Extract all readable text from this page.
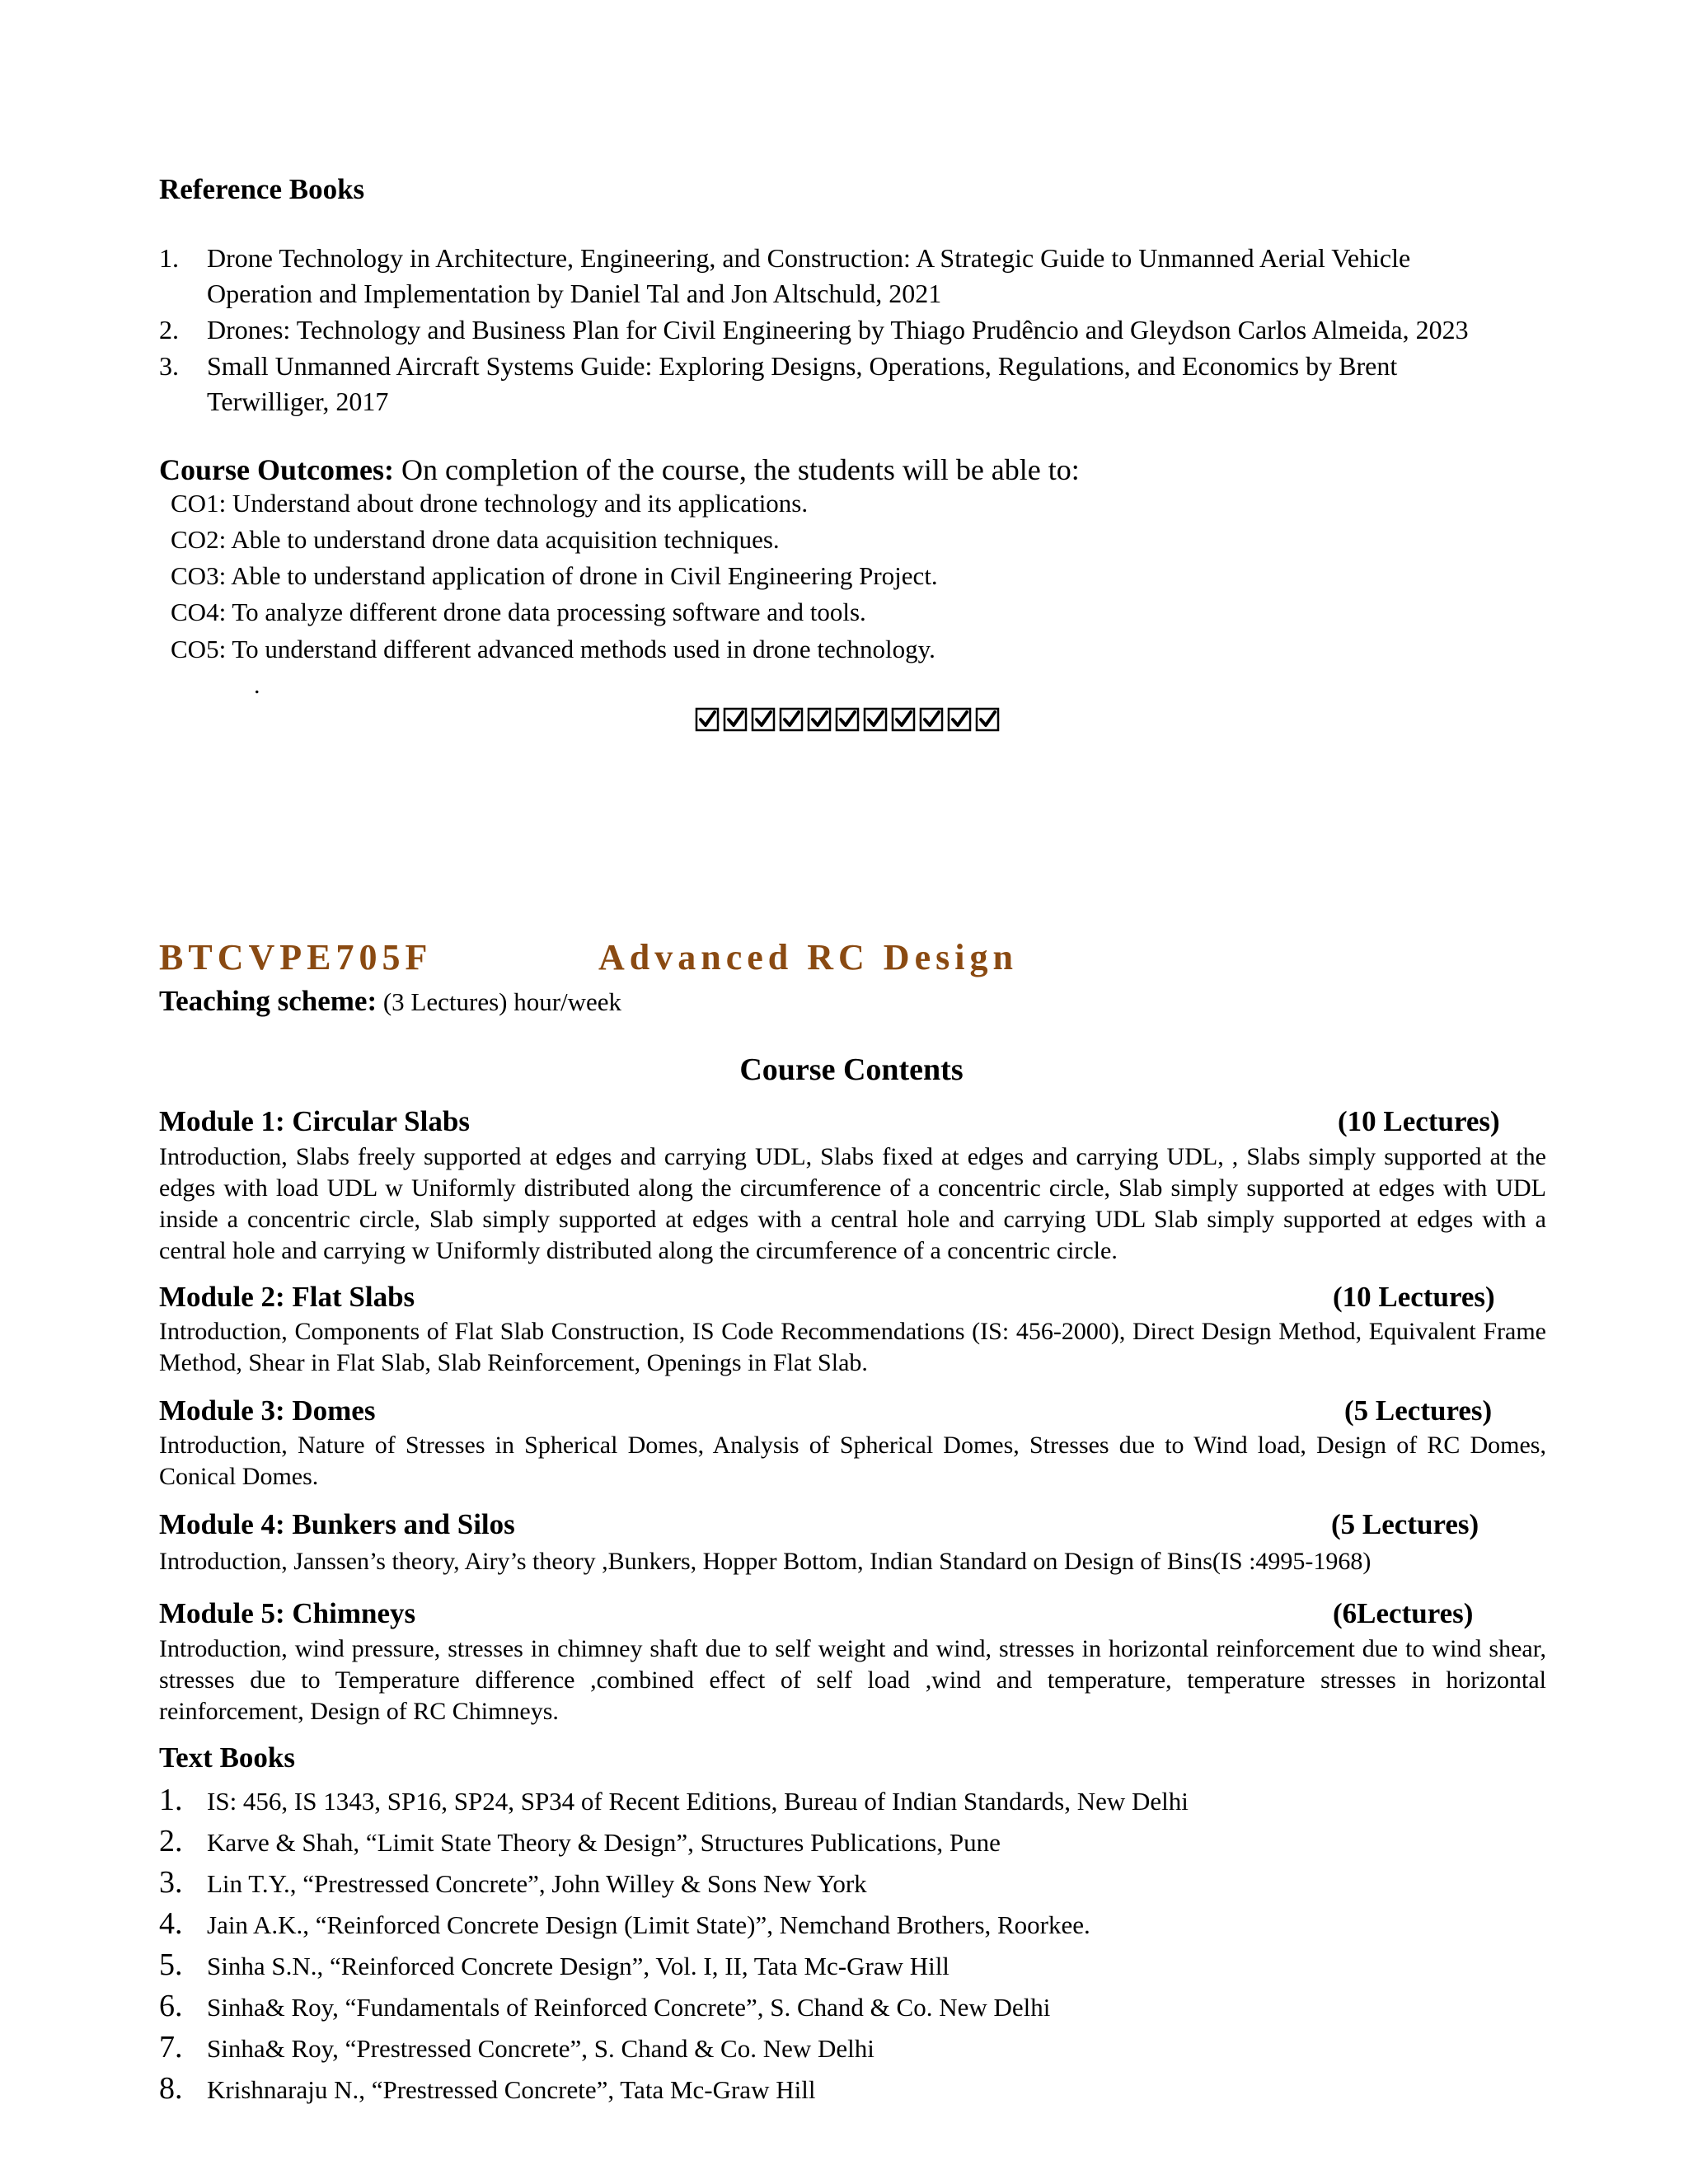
Reference Books
1. Drone Technology in Architecture, Engineering, and Construction: A Strategic Guide to Unmanned Aerial Vehicle
Operation and Implementation by Daniel Tal and Jon Altschuld, 2021
2. Drones: Technology and Business Plan for Civil Engineering by Thiago Prudêncio and Gleydson Carlos Almeida, 2023
3. Small Unmanned Aircraft Systems Guide: Exploring Designs, Operations, Regulations, and Economics by Brent
Terwilliger, 2017
Course Outcomes: On completion of the course, the students will be able to:
CO1: Understand about drone technology and its applications.
CO2: Able to understand drone data acquisition techniques.
CO3: Able to understand application of drone in Civil Engineering Project.
CO4: To analyze different drone data processing software and tools.
CO5: To understand different advanced methods used in drone technology.
.
BTCVPE705F	Advanced RC Design
Teaching scheme: (3 Lectures) hour/week
Course Contents
Module 1: Circular Slabs	(10 Lectures)
Introduction, Slabs freely supported at edges and carrying UDL, Slabs fixed at edges and carrying UDL, , Slabs simply supported at the edges with load UDL w Uniformly distributed along the circumference of a concentric circle, Slab simply supported at edges with UDL inside a concentric circle, Slab simply supported at edges with a central hole and carrying UDL Slab simply supported at edges with a central hole and carrying w Uniformly distributed along the circumference of a concentric circle.
Module 2: Flat Slabs	(10 Lectures)
Introduction, Components of Flat Slab Construction, IS Code Recommendations (IS: 456-2000), Direct Design Method, Equivalent Frame Method, Shear in Flat Slab, Slab Reinforcement, Openings in Flat Slab.
Module 3: Domes	(5 Lectures)
Introduction, Nature of Stresses in Spherical Domes, Analysis of Spherical Domes, Stresses due to Wind load, Design of RC Domes, Conical Domes.
Module 4: Bunkers and Silos	(5 Lectures)
Introduction, Janssen’s theory, Airy’s theory ,Bunkers, Hopper Bottom, Indian Standard on Design of Bins(IS :4995-1968)
Module 5: Chimneys	(6Lectures)
Introduction, wind pressure, stresses in chimney shaft due to self weight and wind, stresses in horizontal reinforcement due to wind shear, stresses due to Temperature difference ,combined effect of self load ,wind and temperature, temperature stresses in horizontal reinforcement, Design of RC Chimneys.
Text Books
1. IS: 456, IS 1343, SP16, SP24, SP34 of Recent Editions, Bureau of Indian Standards, New Delhi
2. Karve & Shah, “Limit State Theory & Design”, Structures Publications, Pune
3. Lin T.Y., “Prestressed Concrete”, John Willey & Sons New York
4. Jain A.K., “Reinforced Concrete Design (Limit State)”, Nemchand Brothers, Roorkee.
5. Sinha S.N., “Reinforced Concrete Design”, Vol. I, II, Tata Mc-Graw Hill
6. Sinha& Roy, “Fundamentals of Reinforced Concrete”, S. Chand & Co. New Delhi
7. Sinha& Roy, “Prestressed Concrete”, S. Chand & Co. New Delhi
8. Krishnaraju N., “Prestressed Concrete”, Tata Mc-Graw Hill
